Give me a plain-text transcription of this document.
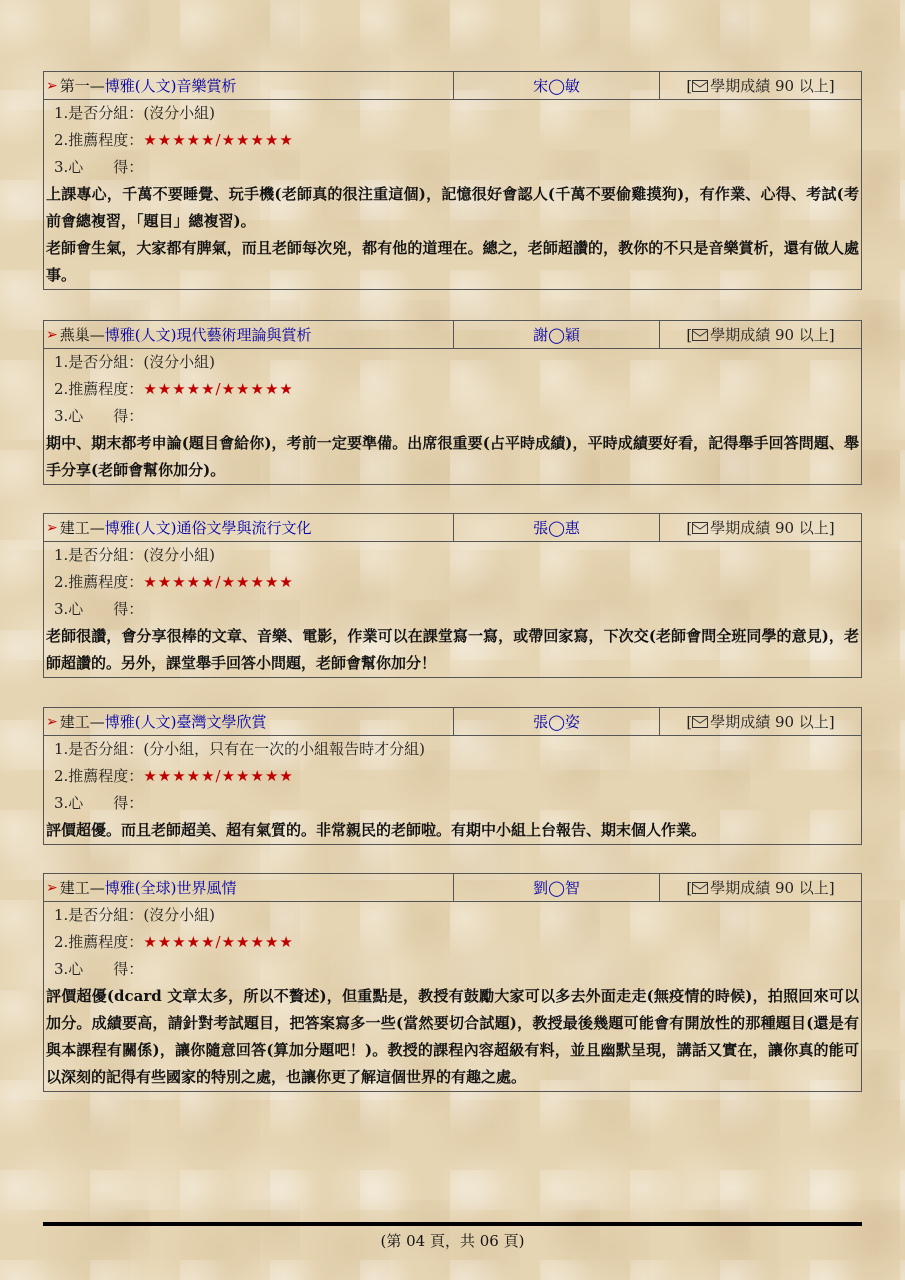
➢ 第一 — 博雅(人文)音樂賞析	宋◯敏	[ 學期成績 90 以上]
1.是否分組：(沒分小組)
2.推薦程度：★★★★★/★★★★★
3.心　　得：
上課專心，千萬不要睡覺、玩手機(老師真的很注重這個)，記憶很好會認人(千萬不要偷雞摸狗)，有作業、心得、考試(考前會總複習，「題目」總複習)。
老師會生氣，大家都有脾氣，而且老師每次兇，都有他的道理在。總之，老師超讚的，教你的不只是音樂賞析，還有做人處事。
➢ 燕巢 — 博雅(人文)現代藝術理論與賞析	謝◯穎	[ 學期成績 90 以上]
1.是否分組：(沒分小組)
2.推薦程度：★★★★★/★★★★★
3.心　　得：
期中、期末都考申論(題目會給你)，考前一定要準備。出席很重要(占平時成績)，平時成績要好看，記得舉手回答問題、舉手分享(老師會幫你加分)。
➢ 建工 — 博雅(人文)通俗文學與流行文化	張◯惠	[ 學期成績 90 以上]
1.是否分組：(沒分小組)
2.推薦程度：★★★★★/★★★★★
3.心　　得：
老師很讚，會分享很棒的文章、音樂、電影，作業可以在課堂寫一寫，或帶回家寫，下次交(老師會問全班同學的意見)，老師超讚的。另外，課堂舉手回答小問題，老師會幫你加分！
➢ 建工 — 博雅(人文)臺灣文學欣賞	張◯姿	[ 學期成績 90 以上]
1.是否分組：(分小組，只有在一次的小組報告時才分組)
2.推薦程度：★★★★★/★★★★★
3.心　　得：
評價超優。而且老師超美、超有氣質的。非常親民的老師啦。有期中小組上台報告、期末個人作業。
➢ 建工 — 博雅(全球)世界風情	劉◯智	[ 學期成績 90 以上]
1.是否分組：(沒分小組)
2.推薦程度：★★★★★/★★★★★
3.心　　得：
評價超優(dcard 文章太多，所以不贅述)，但重點是，教授有鼓勵大家可以多去外面走走(無疫情的時候)，拍照回來可以加分。成績要高，請針對考試題目，把答案寫多一些(當然要切合試題)，教授最後幾題可能會有開放性的那種題目(還是有與本課程有關係)，讓你隨意回答(算加分題吧！)。教授的課程內容超級有料，並且幽默呈現，講話又實在，讓你真的能可以深刻的記得有些國家的特別之處，也讓你更了解這個世界的有趣之處。
(第 04 頁，共 06 頁)
